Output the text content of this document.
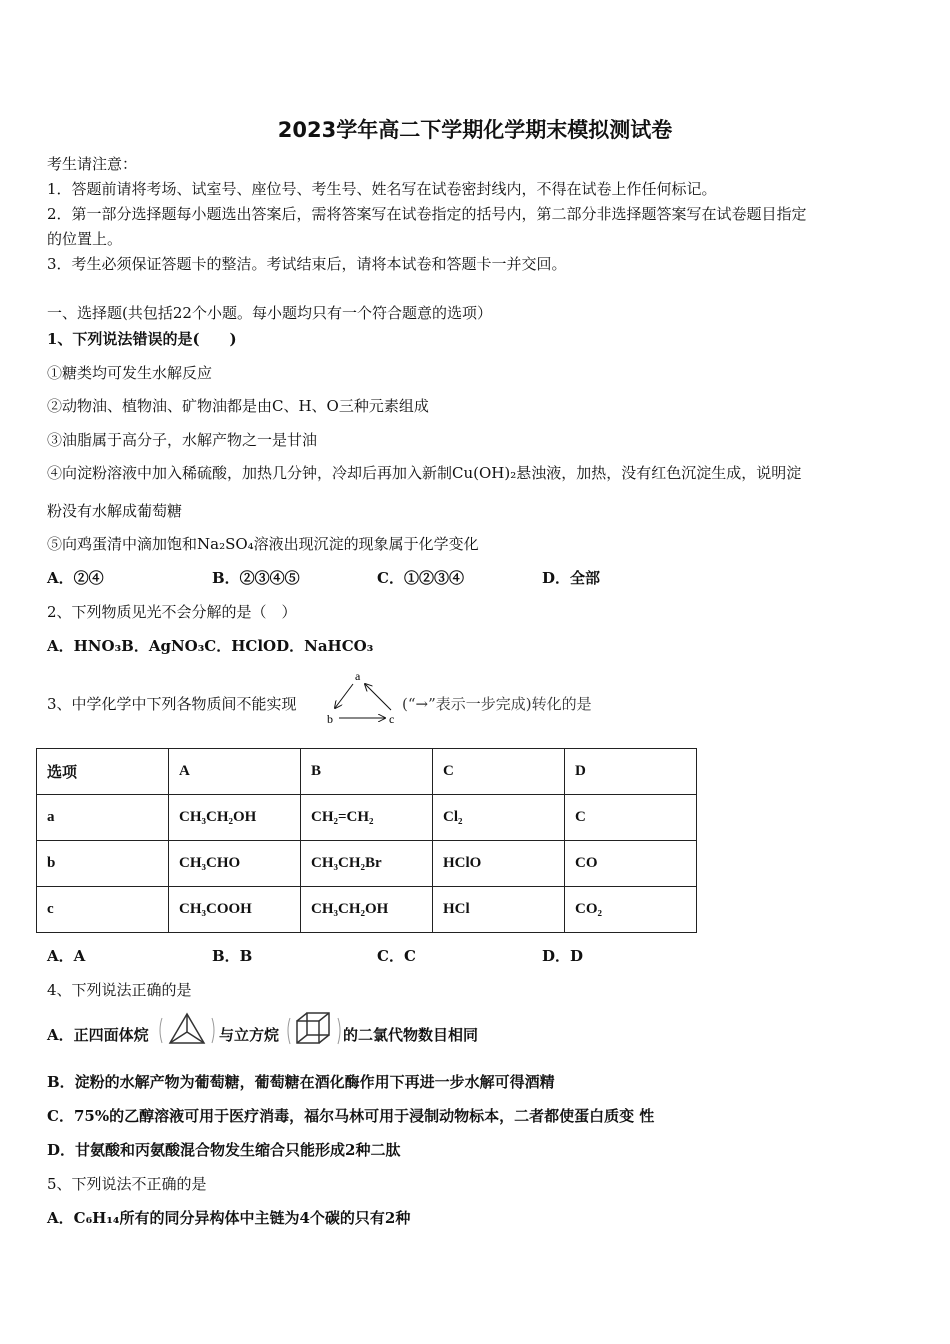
2023学年高二下学期化学期末模拟测试卷
考生请注意：
1．答题前请将考场、试室号、座位号、考生号、姓名写在试卷密封线内，不得在试卷上作任何标记。
2．第一部分选择题每小题选出答案后，需将答案写在试卷指定的括号内，第二部分非选择题答案写在试卷题目指定
的位置上。
3．考生必须保证答题卡的整洁。考试结束后，请将本试卷和答题卡一并交回。
一、选择题(共包括22个小题。每小题均只有一个符合题意的选项）
1、下列说法错误的是(　　)
①糖类均可发生水解反应
②动物油、植物油、矿物油都是由C、H、O三种元素组成
③油脂属于高分子，水解产物之一是甘油
④向淀粉溶液中加入稀硫酸，加热几分钟，冷却后再加入新制Cu(OH)₂悬浊液，加热，没有红色沉淀生成，说明淀
粉没有水解成葡萄糖
⑤向鸡蛋清中滴加饱和Na₂SO₄溶液出现沉淀的现象属于化学变化
A．②④	B．②③④⑤	C．①②③④	D．全部
2、下列物质见光不会分解的是（　）
A．HNO₃B．AgNO₃C．HClOD．NaHCO₃
3、中学化学中下列各物质间不能实现
a
b	c
(“→”表示一步完成)转化的是
选项	A	B	C	D
a	CH₃CH₂OH	CH₂=CH₂	Cl₂	C
b	CH₃CHO	CH₃CH₂Br	HClO	CO
c	CH₃COOH	CH₃CH₂OH	HCl	CO₂
A．A	B．B	C．C	D．D
4、下列说法正确的是
A．正四面体烷	与立方烷	的二氯代物数目相同
B．淀粉的水解产物为葡萄糖，葡萄糖在酒化酶作用下再进一步水解可得酒精
C．75%的乙醇溶液可用于医疗消毒，福尔马林可用于浸制动物标本，二者都使蛋白质变 性
D．甘氨酸和丙氨酸混合物发生缩合只能形成2种二肽
5、下列说法不正确的是
A．C₆H₁₄所有的同分异构体中主链为4个碳的只有2种
